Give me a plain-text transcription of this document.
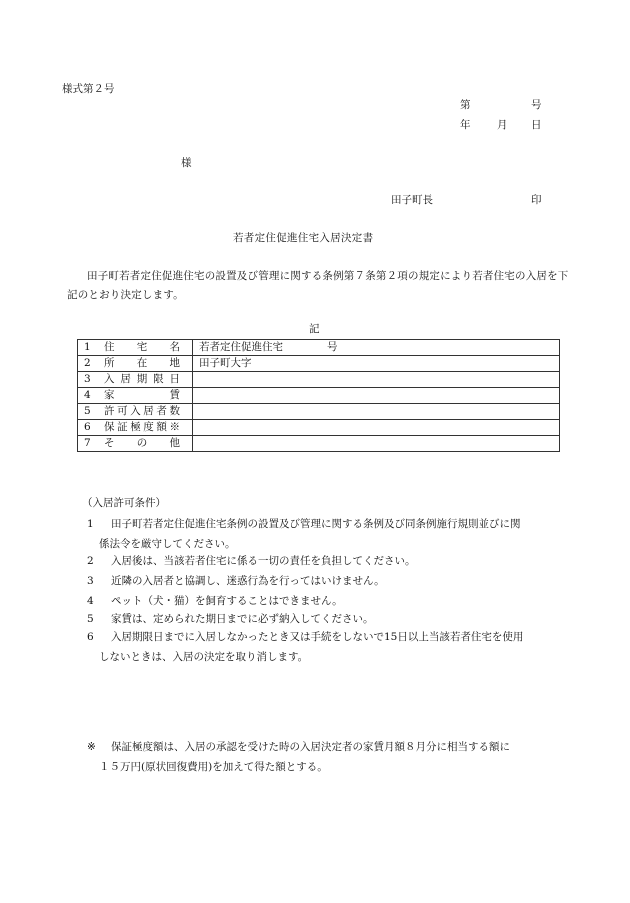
様式第２号
第	号
年	月 日
様
田子町長	印
若者定住促進住宅入居決定書
田子町若者定住促進住宅の設置及び管理に関する条例第７条第２項の規定により若者住宅の入居を下記のとおり決定します。
記
1 住宅名	若者定住促進住宅 号
2 所在地	田子町大字
3 入居期限日	
4 家賃	
5 許可入居者数	
6 保証極度額※	
7 その他	
（入居許可条件）
1 田子町若者定住促進住宅条例の設置及び管理に関する条例及び同条例施行規則並びに関
係法令を厳守してください。
2 入居後は、当該若者住宅に係る一切の責任を負担してください。
3 近隣の入居者と協調し、迷惑行為を行ってはいけません。
4 ペット（犬・猫）を飼育することはできません。
5 家賃は、定められた期日までに必ず納入してください。
6 入居期限日までに入居しなかったとき又は手続をしないで15日以上当該若者住宅を使用
しないときは、入居の決定を取り消します。
※ 保証極度額は、入居の承認を受けた時の入居決定者の家賃月額８月分に相当する額に
１５万円(原状回復費用)を加えて得た額とする。
